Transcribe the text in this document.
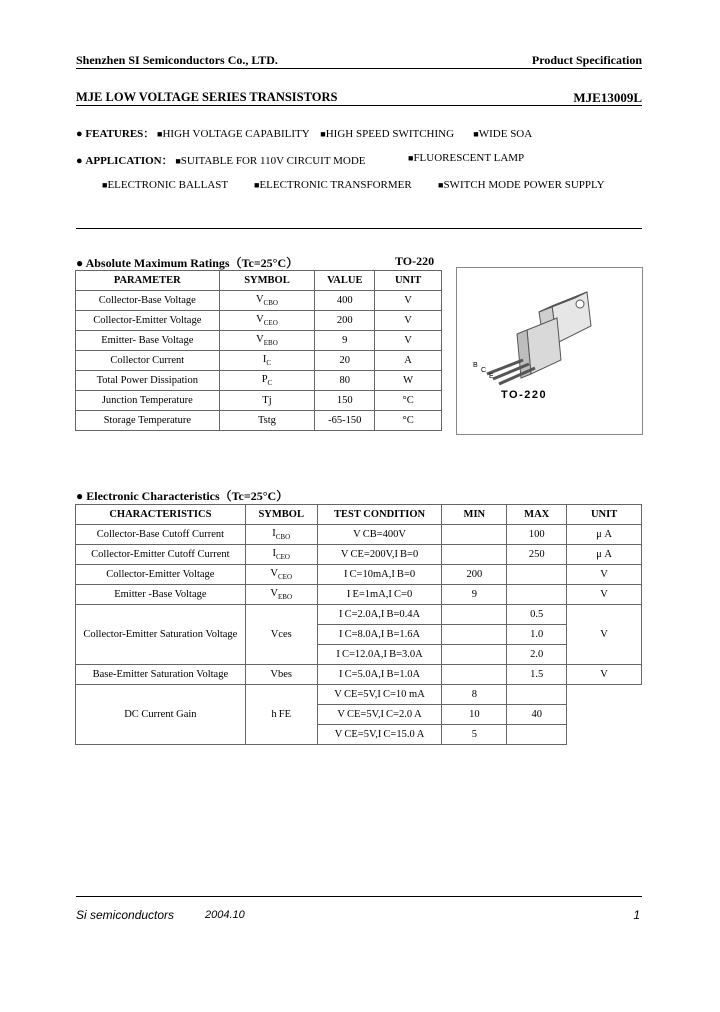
Shenzhen SI Semiconductors Co., LTD.	Product Specification
MJE LOW VOLTAGE SERIES TRANSISTORS	MJE13009L
● FEATURES： ■HIGH VOLTAGE CAPABILITY ■HIGH SPEED SWITCHING ■WIDE SOA
● APPLICATION： ■SUITABLE FOR 110V CIRCUIT MODE	■FLUORESCENT LAMP
■ELECTRONIC BALLAST	■ELECTRONIC TRANSFORMER	■SWITCH MODE POWER SUPPLY
● Absolute Maximum Ratings（Tc=25°C）	TO-220
PARAMETER	SYMBOL	VALUE	UNIT
Collector-Base Voltage	$V_{CBO}$	400	V
Collector-Emitter Voltage	$V_{CEO}$	200	V
Emitter- Base Voltage	$V_{EBO}$	9	V
Collector Current	$I_C$	20	A
Total Power Dissipation	$P_C$	80	W
Junction Temperature	Tj	150	°C
Storage Temperature	Tstg	-65-150	°C
B
C
E
TO-220
● Electronic Characteristics（Tc=25°C）
CHARACTERISTICS	SYMBOL	TEST CONDITION	MIN	MAX	UNIT
Collector-Base Cutoff Current	$I_{CBO}$	V CB=400V		100	μ A
Collector-Emitter Cutoff Current	$I_{CEO}$	V CE=200V,I B=0		250	μ A
Collector-Emitter Voltage	$V_{CEO}$	I C=10mA,I B=0	200		V
Emitter -Base Voltage	$V_{EBO}$	I E=1mA,I C=0	9		V
Collector-Emitter Saturation Voltage	Vces	I C=2.0A,I B=0.4A		0.5	V
		I C=8.0A,I B=1.6A		1.0	
		I C=12.0A,I B=3.0A		2.0	
Base-Emitter Saturation Voltage	Vbes	I C=5.0A,I B=1.0A		1.5	V
DC Current Gain	h FE	V CE=5V,I C=10 mA	8		
		V CE=5V,I C=2.0 A	10	40	
		V CE=5V,I C=15.0 A	5		
Si semiconductors	2004.10	1
